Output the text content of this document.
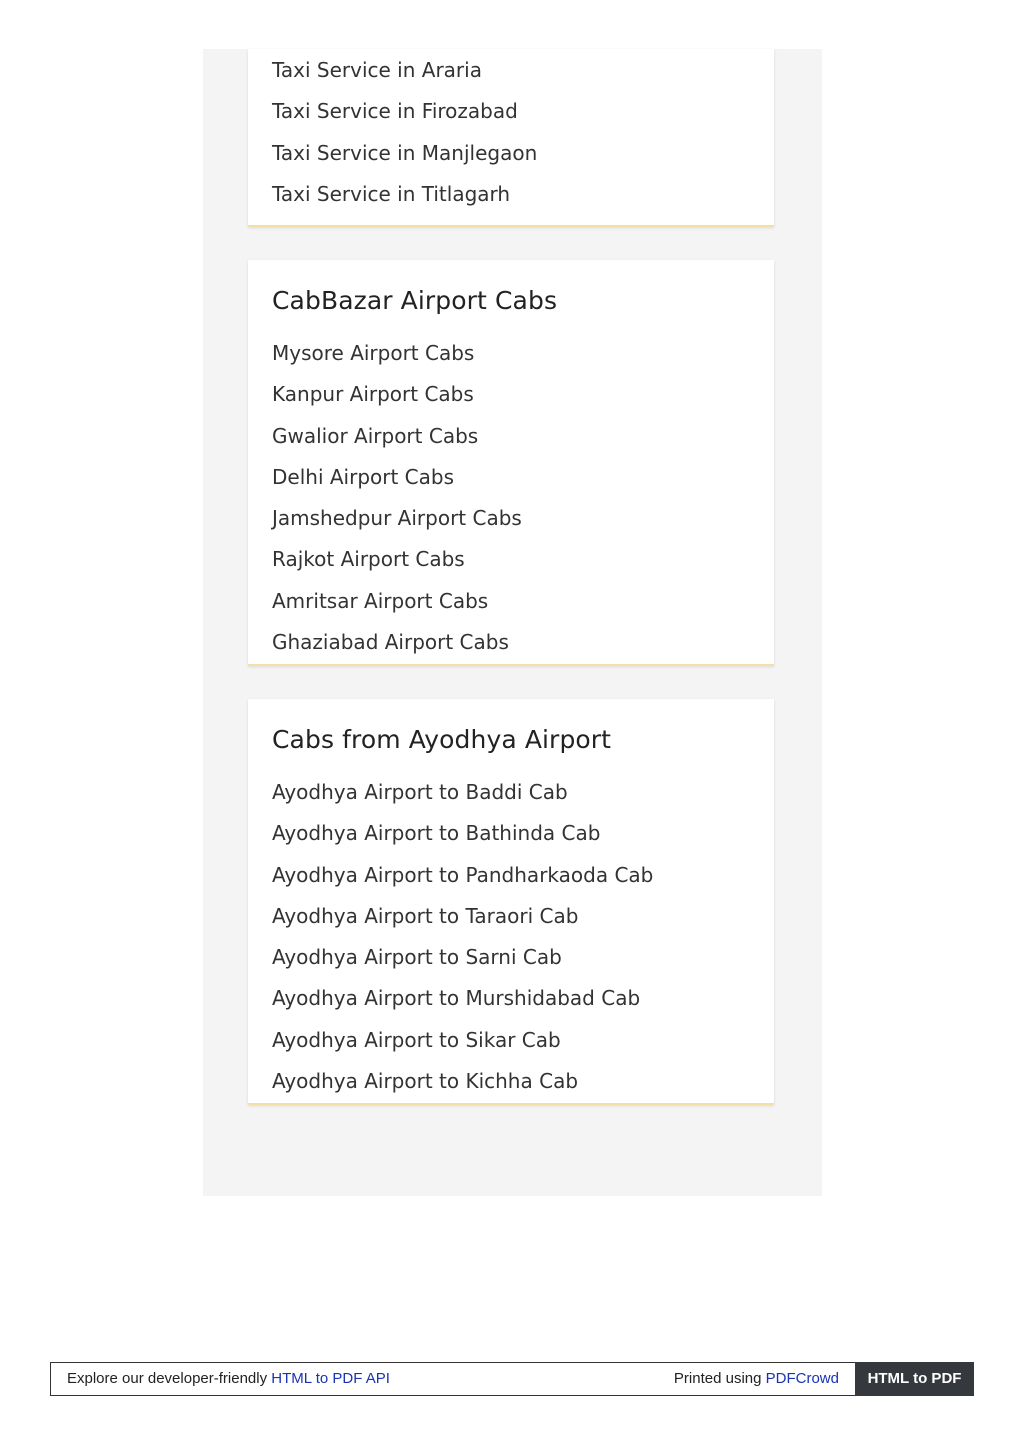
Taxi Service in Araria
Taxi Service in Firozabad
Taxi Service in Manjlegaon
Taxi Service in Titlagarh
CabBazar Airport Cabs
Mysore Airport Cabs
Kanpur Airport Cabs
Gwalior Airport Cabs
Delhi Airport Cabs
Jamshedpur Airport Cabs
Rajkot Airport Cabs
Amritsar Airport Cabs
Ghaziabad Airport Cabs
Cabs from Ayodhya Airport
Ayodhya Airport to Baddi Cab
Ayodhya Airport to Bathinda Cab
Ayodhya Airport to Pandharkaoda Cab
Ayodhya Airport to Taraori Cab
Ayodhya Airport to Sarni Cab
Ayodhya Airport to Murshidabad Cab
Ayodhya Airport to Sikar Cab
Ayodhya Airport to Kichha Cab
Explore our developer-friendly HTML to PDF API	Printed using PDFCrowd	HTML to PDF
